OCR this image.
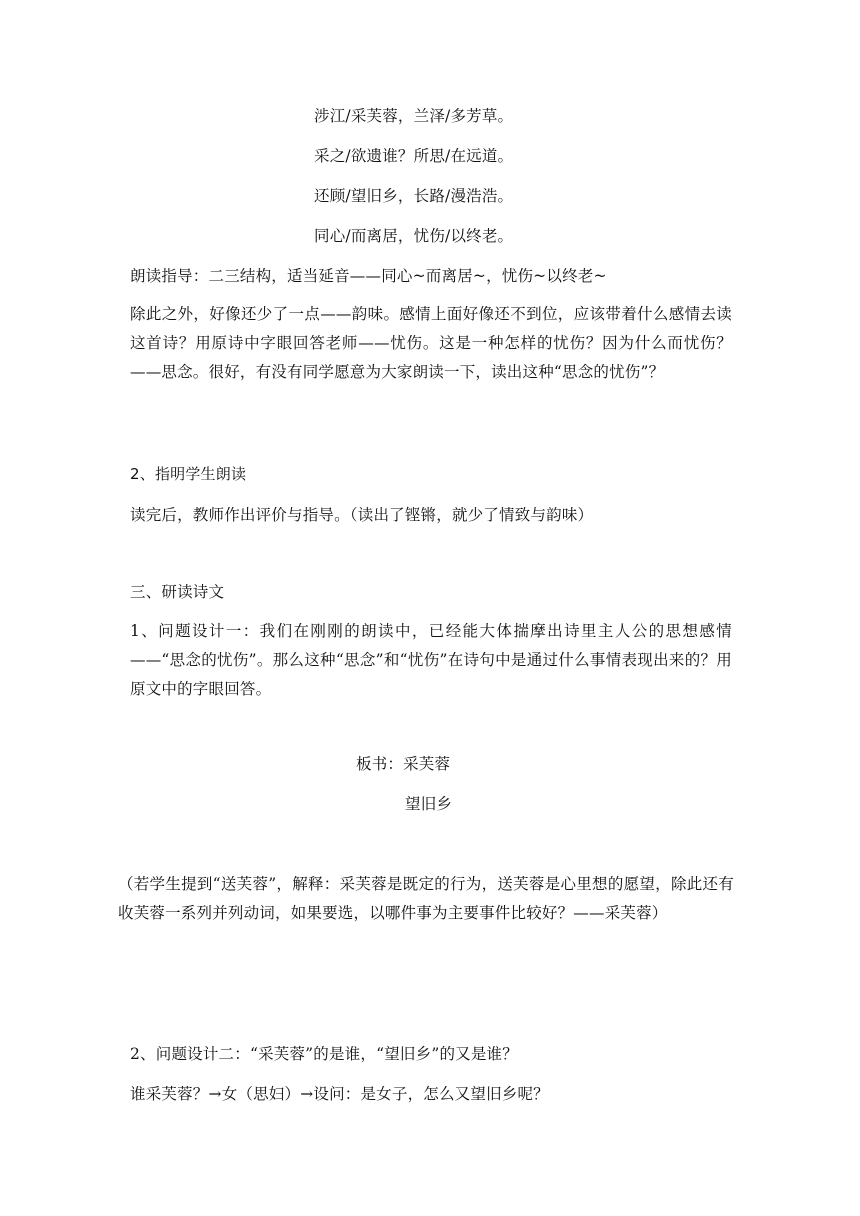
涉江/采芙蓉，兰泽/多芳草。
采之/欲遗谁？所思/在远道。
还顾/望旧乡，长路/漫浩浩。
同心/而离居，忧伤/以终老。
朗读指导：二三结构，适当延音——同心~而离居~，忧伤~以终老~
除此之外，好像还少了一点——韵味。感情上面好像还不到位，应该带着什么感情去读这首诗？用原诗中字眼回答老师——忧伤。这是一种怎样的忧伤？因为什么而忧伤？——思念。很好，有没有同学愿意为大家朗读一下，读出这种“思念的忧伤”？
2、指明学生朗读
读完后，教师作出评价与指导。（读出了铿锵，就少了情致与韵味）
三、研读诗文
1、问题设计一：我们在刚刚的朗读中，已经能大体揣摩出诗里主人公的思想感情——“思念的忧伤”。那么这种“思念”和“忧伤”在诗句中是通过什么事情表现出来的？用原文中的字眼回答。
板书：采芙蓉
望旧乡
（若学生提到“送芙蓉”，解释：采芙蓉是既定的行为，送芙蓉是心里想的愿望，除此还有收芙蓉一系列并列动词，如果要选，以哪件事为主要事件比较好？——采芙蓉）
2、问题设计二：“采芙蓉”的是谁，“望旧乡”的又是谁？
谁采芙蓉？→女（思妇）→设问：是女子，怎么又望旧乡呢？
